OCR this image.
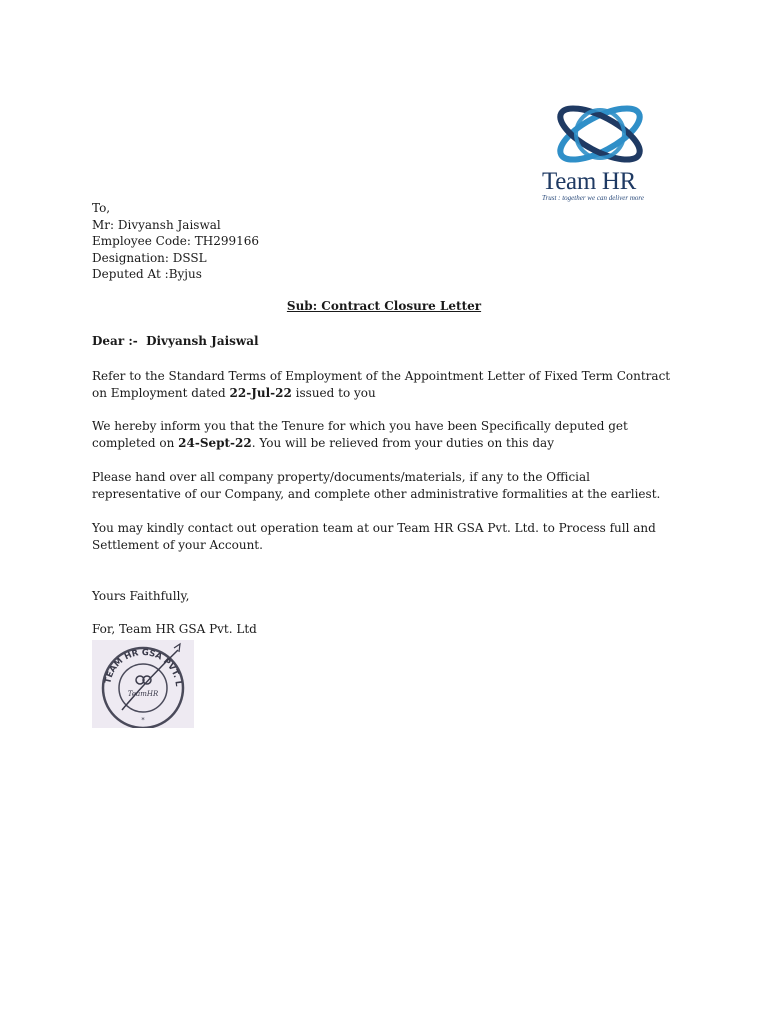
Team HR
Trust : together we can deliver more
To,
Mr: Divyansh Jaiswal
Employee Code: TH299166
Designation: DSSL
Deputed At :Byjus
Sub: Contract Closure Letter
Dear :-  Divyansh Jaiswal
Refer to the Standard Terms of Employment of the Appointment Letter of Fixed Term Contract on Employment dated 22-Jul-22 issued to you
We hereby inform you that the Tenure for which you have been Specifically deputed get completed on 24-Sept-22. You will be relieved from your duties on this day
Please hand over all company property/documents/materials, if any to the Official representative of our Company, and complete other administrative formalities at the earliest.
You may kindly contact out operation team at our Team HR GSA Pvt. Ltd. to Process full and Settlement of your Account.
Yours Faithfully,
For, Team HR GSA Pvt. Ltd
TEAM HR GSA PVT. L
TeamHR
*
